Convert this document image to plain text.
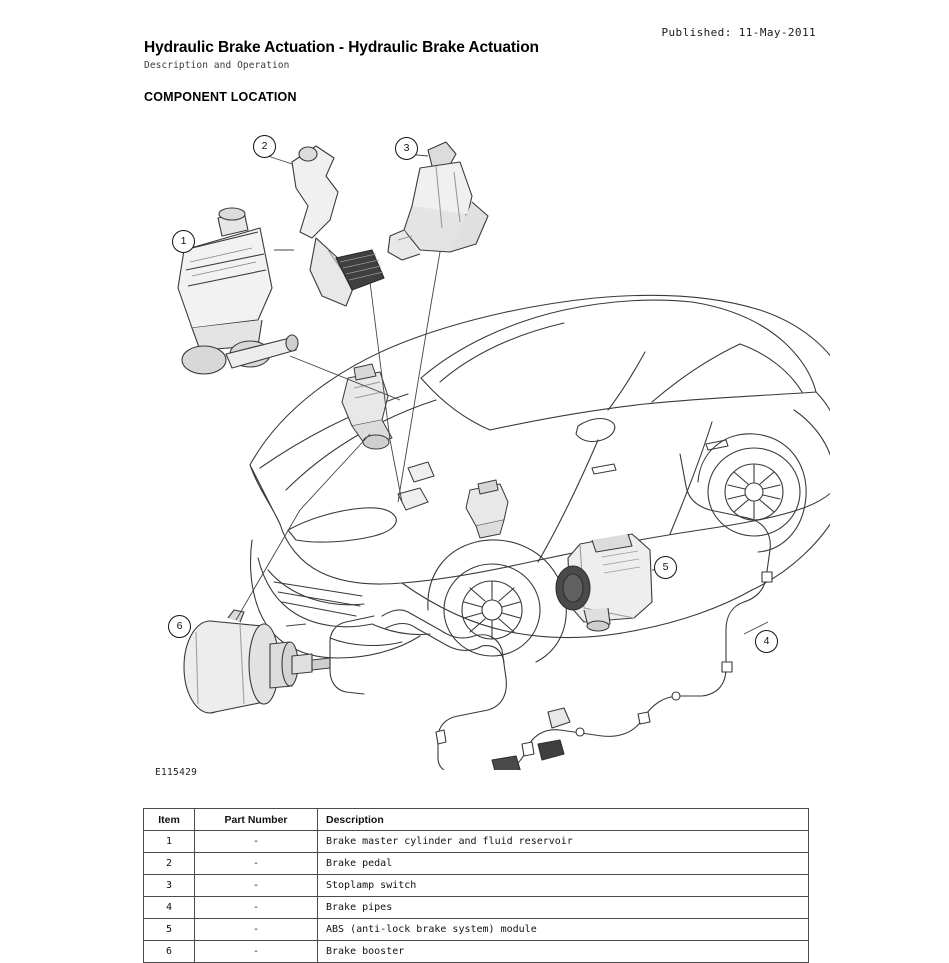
Published: 11-May-2011
Hydraulic Brake Actuation - Hydraulic Brake Actuation
Description and Operation
COMPONENT LOCATION
1
2	3
4
5
6
E115429
Item	Part Number	Description
1	-	Brake master cylinder and fluid reservoir
2	-	Brake pedal
3	-	Stoplamp switch
4	-	Brake pipes
5	-	ABS (anti-lock brake system) module
6	-	Brake booster
